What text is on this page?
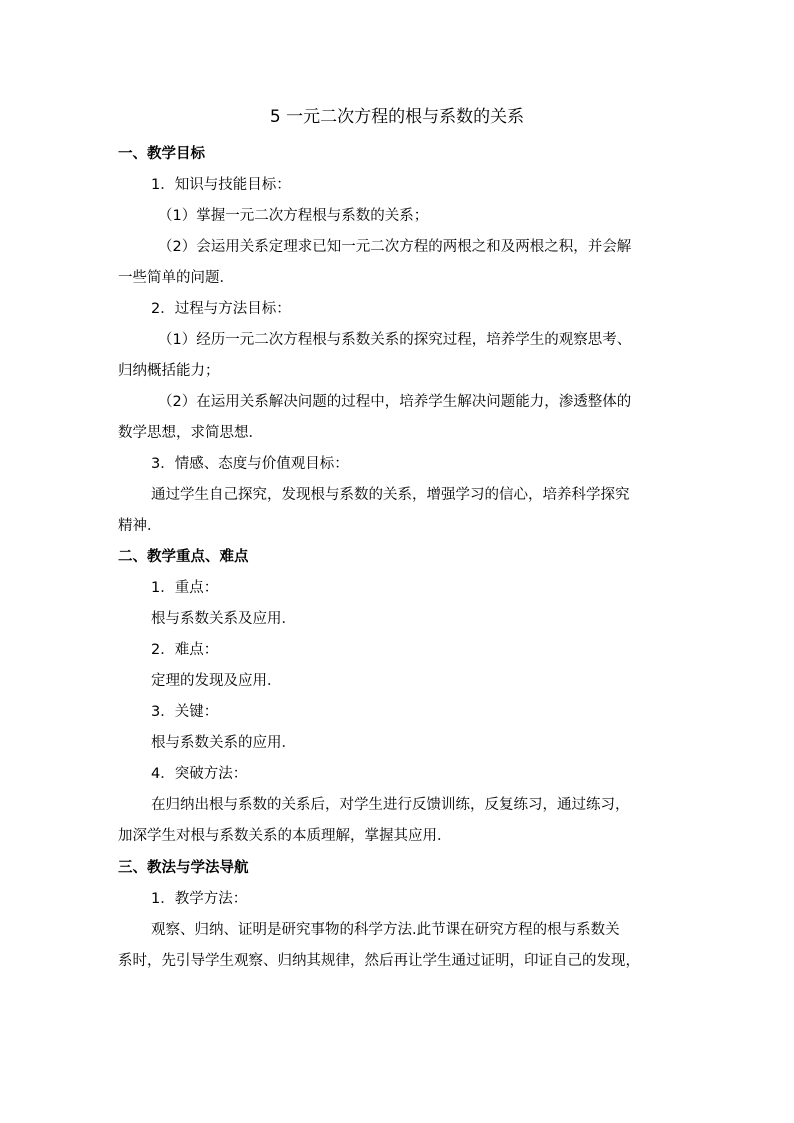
5 一元二次方程的根与系数的关系
一、教学目标
1．知识与技能目标：
（1）掌握一元二次方程根与系数的关系；
（2）会运用关系定理求已知一元二次方程的两根之和及两根之积，并会解
一些简单的问题．
2．过程与方法目标：
（1）经历一元二次方程根与系数关系的探究过程，培养学生的观察思考、
归纳概括能力；
（2）在运用关系解决问题的过程中，培养学生解决问题能力，渗透整体的
数学思想，求简思想．
3．情感、态度与价值观目标：
通过学生自己探究，发现根与系数的关系，增强学习的信心，培养科学探究
精神．
二、教学重点、难点
1．重点：
根与系数关系及应用．
2．难点：
定理的发现及应用．
3．关键：
根与系数关系的应用．
4．突破方法：
在归纳出根与系数的关系后，对学生进行反馈训练，反复练习，通过练习，
加深学生对根与系数关系的本质理解，掌握其应用．
三、教法与学法导航
1．教学方法：
观察、归纳、证明是研究事物的科学方法.此节课在研究方程的根与系数关
系时，先引导学生观察、归纳其规律，然后再让学生通过证明，印证自己的发现，
